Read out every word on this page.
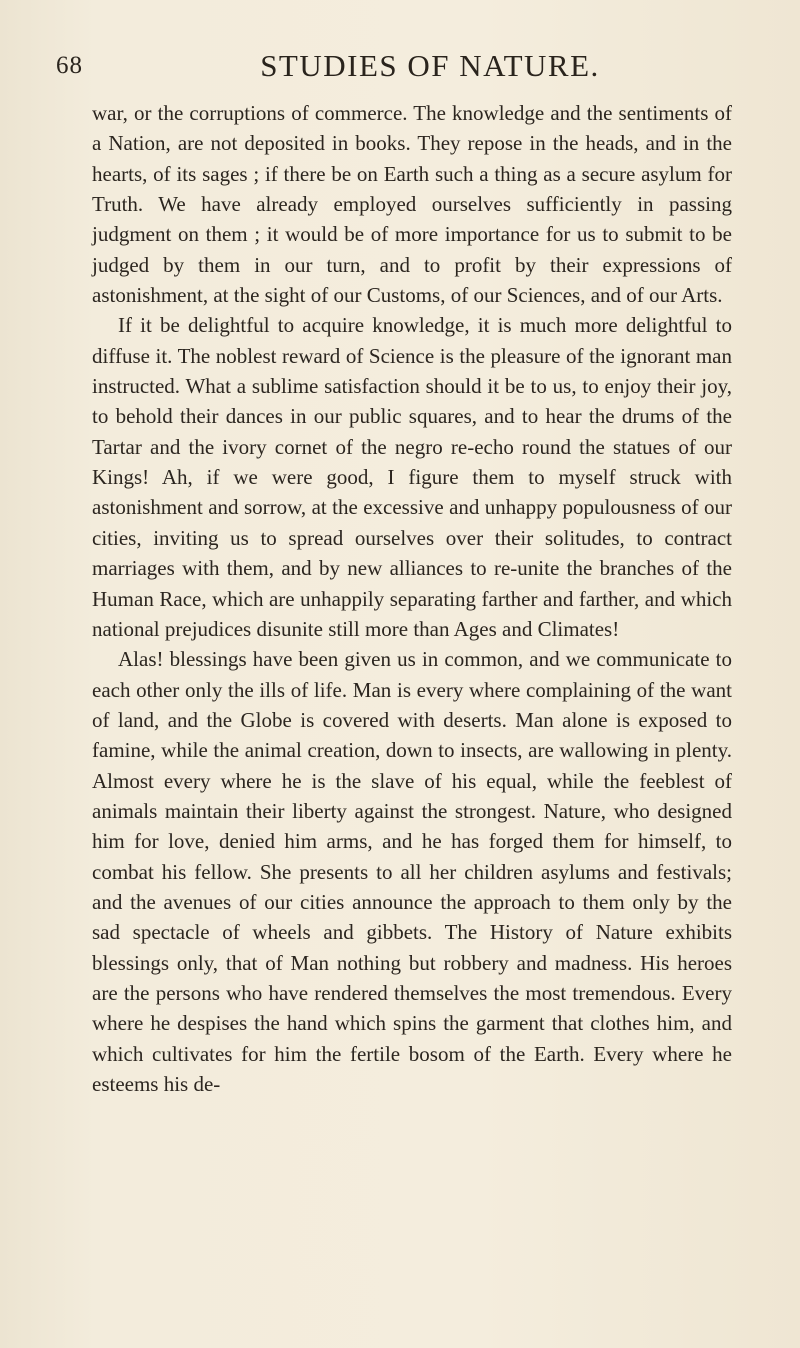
68	STUDIES OF NATURE.

war, or the corruptions of commerce. The knowledge and the sentiments of a Nation, are not deposited in books. They repose in the heads, and in the hearts, of its sages ; if there be on Earth such a thing as a secure asylum for Truth. We have already employed ourselves sufficiently in passing judgment on them ; it would be of more importance for us to submit to be judged by them in our turn, and to profit by their expressions of astonishment, at the sight of our Customs, of our Sciences, and of our Arts.

If it be delightful to acquire knowledge, it is much more delightful to diffuse it. The noblest reward of Science is the pleasure of the ignorant man instructed. What a sublime satisfaction should it be to us, to enjoy their joy, to behold their dances in our public squares, and to hear the drums of the Tartar and the ivory cornet of the negro re-echo round the statues of our Kings! Ah, if we were good, I figure them to myself struck with astonishment and sorrow, at the excessive and unhappy populousness of our cities, inviting us to spread ourselves over their solitudes, to contract marriages with them, and by new alliances to re-unite the branches of the Human Race, which are unhappily separating farther and farther, and which national prejudices disunite still more than Ages and Climates!

Alas! blessings have been given us in common, and we communicate to each other only the ills of life. Man is every where complaining of the want of land, and the Globe is covered with deserts. Man alone is exposed to famine, while the animal creation, down to insects, are wallowing in plenty. Almost every where he is the slave of his equal, while the feeblest of animals maintain their liberty against the strongest. Nature, who designed him for love, denied him arms, and he has forged them for himself, to combat his fellow. She presents to all her children asylums and festivals; and the avenues of our cities announce the approach to them only by the sad spectacle of wheels and gibbets. The History of Nature exhibits blessings only, that of Man nothing but robbery and madness. His heroes are the persons who have rendered themselves the most tremendous. Every where he despises the hand which spins the garment that clothes him, and which cultivates for him the fertile bosom of the Earth. Every where he esteems his de-
